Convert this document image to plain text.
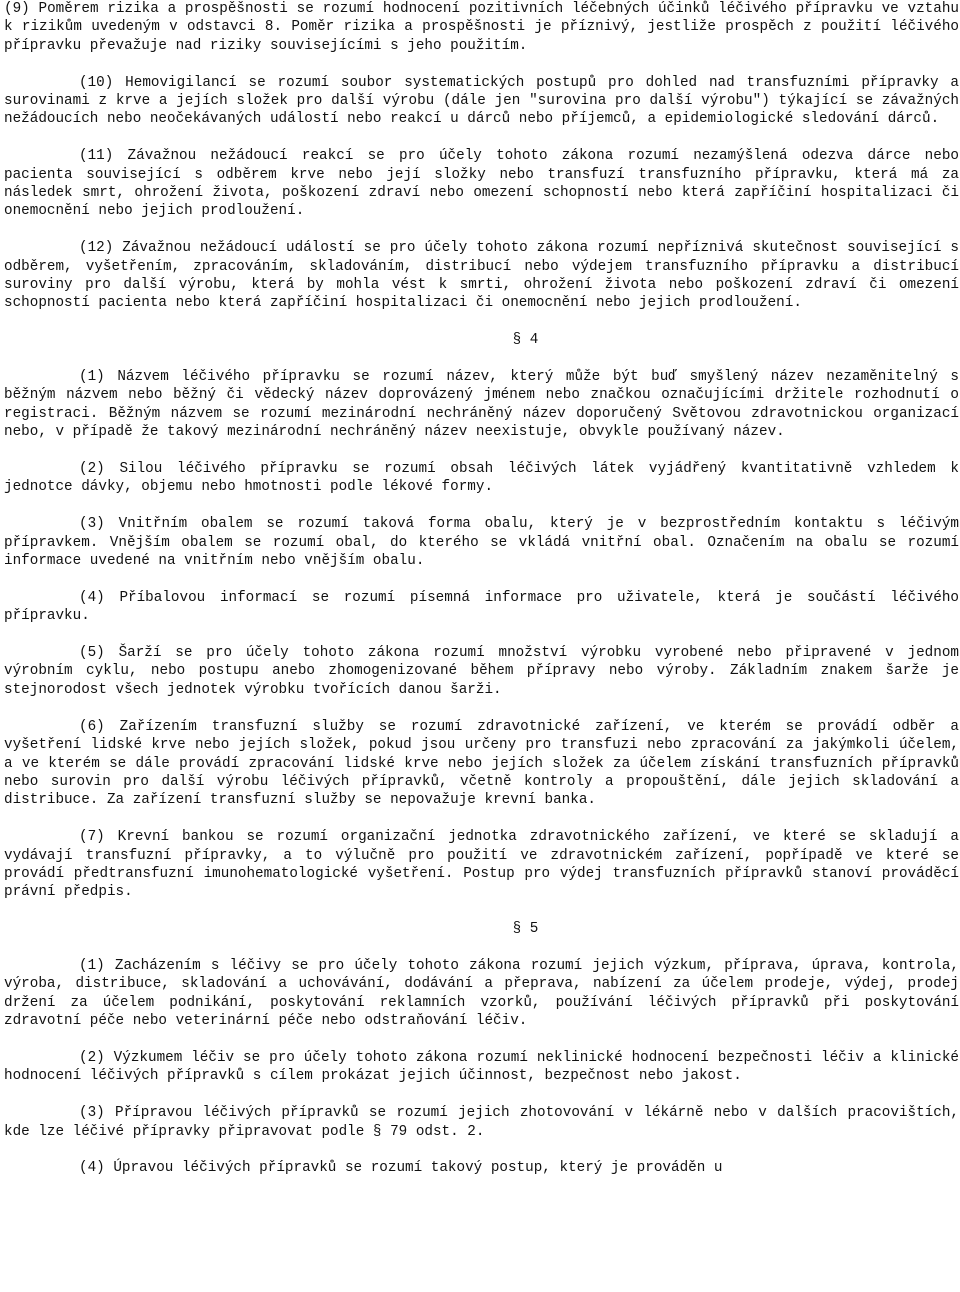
(9) Poměrem rizika a prospěšnosti se rozumí hodnocení pozitivních léčebných účinků léčivého přípravku ve vztahu k rizikům uvedeným v odstavci 8. Poměr rizika a prospěšnosti je příznivý, jestliže prospěch z použití léčivého přípravku převažuje nad riziky souvisejícími s jeho použitím.

(10) Hemovigilancí se rozumí soubor systematických postupů pro dohled nad transfuzními přípravky a surovinami z krve a jejích složek pro další výrobu (dále jen "surovina pro další výrobu") týkající se závažných nežádoucích nebo neočekávaných událostí nebo reakcí u dárců nebo příjemců, a epidemiologické sledování dárců.

(11) Závažnou nežádoucí reakcí se pro účely tohoto zákona rozumí nezamýšlená odezva dárce nebo pacienta související s odběrem krve nebo její složky nebo transfuzí transfuzního přípravku, která má za následek smrt, ohrožení života, poškození zdraví nebo omezení schopností nebo která zapříčiní hospitalizaci či onemocnění nebo jejich prodloužení.

(12) Závažnou nežádoucí událostí se pro účely tohoto zákona rozumí nepříznivá skutečnost související s odběrem, vyšetřením, zpracováním, skladováním, distribucí nebo výdejem transfuzního přípravku a distribucí suroviny pro další výrobu, která by mohla vést k smrti, ohrožení života nebo poškození zdraví či omezení schopností pacienta nebo která zapříčiní hospitalizaci či onemocnění nebo jejich prodloužení.

§ 4

(1) Názvem léčivého přípravku se rozumí název, který může být buď smyšlený název nezaměnitelný s běžným názvem nebo běžný či vědecký název doprovázený jménem nebo značkou označujícími držitele rozhodnutí o registraci. Běžným názvem se rozumí mezinárodní nechráněný název doporučený Světovou zdravotnickou organizací nebo, v případě že takový mezinárodní nechráněný název neexistuje, obvykle používaný název.

(2) Silou léčivého přípravku se rozumí obsah léčivých látek vyjádřený kvantitativně vzhledem k jednotce dávky, objemu nebo hmotnosti podle lékové formy.

(3) Vnitřním obalem se rozumí taková forma obalu, který je v bezprostředním kontaktu s léčivým přípravkem. Vnějším obalem se rozumí obal, do kterého se vkládá vnitřní obal. Označením na obalu se rozumí informace uvedené na vnitřním nebo vnějším obalu.

(4) Příbalovou informací se rozumí písemná informace pro uživatele, která je součástí léčivého přípravku.

(5) Šarží se pro účely tohoto zákona rozumí množství výrobku vyrobené nebo připravené v jednom výrobním cyklu, nebo postupu anebo zhomogenizované během přípravy nebo výroby. Základním znakem šarže je stejnorodost všech jednotek výrobku tvořících danou šarži.

(6) Zařízením transfuzní služby se rozumí zdravotnické zařízení, ve kterém se provádí odběr a vyšetření lidské krve nebo jejích složek, pokud jsou určeny pro transfuzi nebo zpracování za jakýmkoli účelem, a ve kterém se dále provádí zpracování lidské krve nebo jejích složek za účelem získání transfuzních přípravků nebo surovin pro další výrobu léčivých přípravků, včetně kontroly a propouštění, dále jejich skladování a distribuce. Za zařízení transfuzní služby se nepovažuje krevní banka.

(7) Krevní bankou se rozumí organizační jednotka zdravotnického zařízení, ve které se skladují a vydávají transfuzní přípravky, a to výlučně pro použití ve zdravotnickém zařízení, popřípadě ve které se provádí předtransfuzní imunohematologické vyšetření. Postup pro výdej transfuzních přípravků stanoví prováděcí právní předpis.

§ 5

(1) Zacházením s léčivy se pro účely tohoto zákona rozumí jejich výzkum, příprava, úprava, kontrola, výroba, distribuce, skladování a uchovávání, dodávání a přeprava, nabízení za účelem prodeje, výdej, prodej držení za účelem podnikání, poskytování reklamních vzorků, používání léčivých přípravků při poskytování zdravotní péče nebo veterinární péče nebo odstraňování léčiv.

(2) Výzkumem léčiv se pro účely tohoto zákona rozumí neklinické hodnocení bezpečnosti léčiv a klinické hodnocení léčivých přípravků s cílem prokázat jejich účinnost, bezpečnost nebo jakost.

(3) Přípravou léčivých přípravků se rozumí jejich zhotovování v lékárně nebo v dalších pracovištích, kde lze léčivé přípravky připravovat podle § 79 odst. 2.

(4) Úpravou léčivých přípravků se rozumí takový postup, který je prováděn u
